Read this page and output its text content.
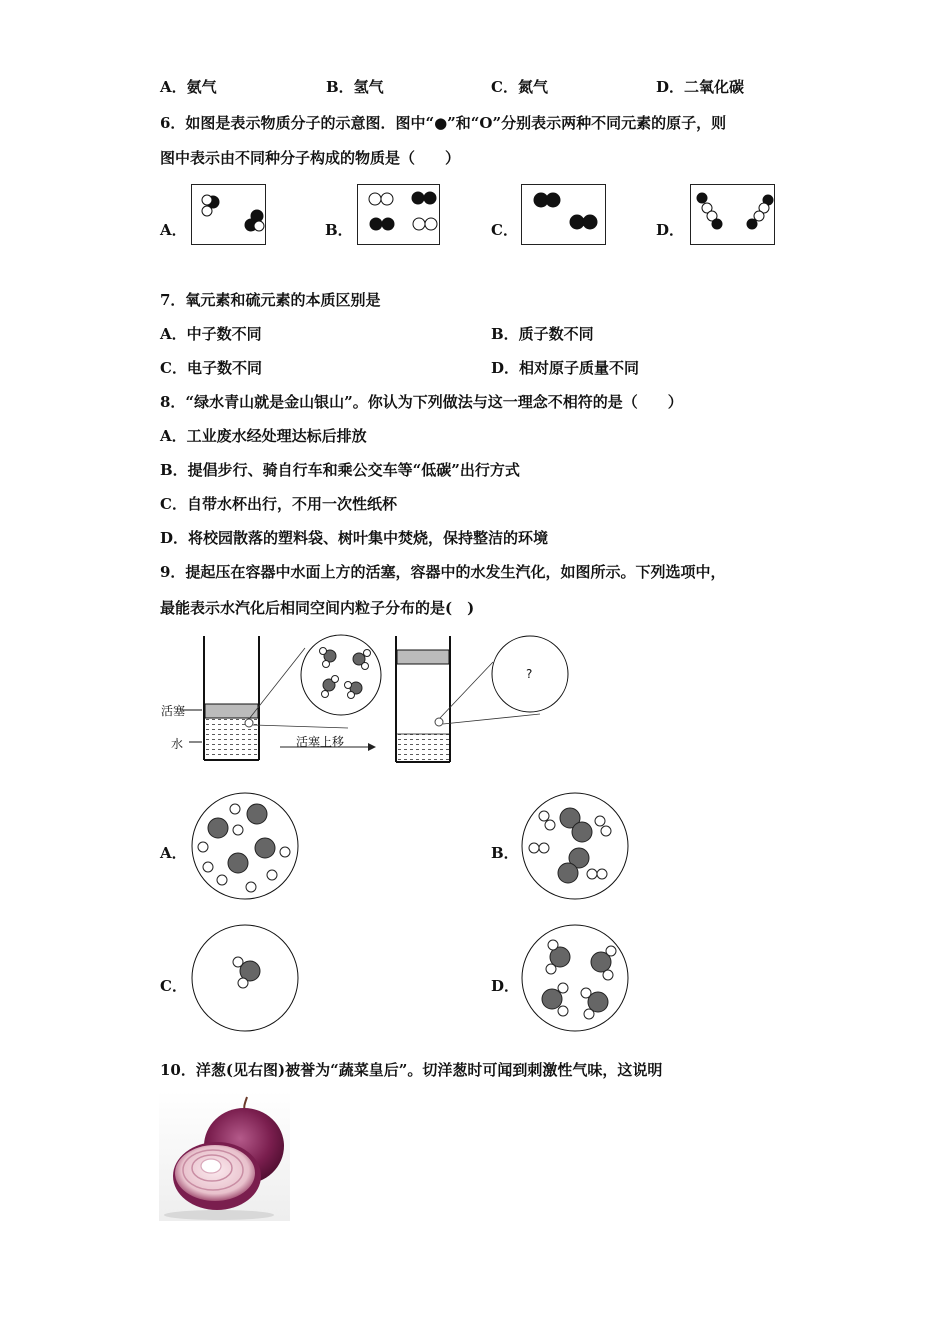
A．氨气	B．氢气	C．氮气	D．二氧化碳
6．如图是表示物质分子的示意图．图中“●”和“O”分别表示两种不同元素的原子，则
图中表示由不同种分子构成的物质是（　　）
A．	B．	C．	D．
7．氧元素和硫元素的本质区别是
A．中子数不同	B．质子数不同
C．电子数不同	D．相对原子质量不同
8．“绿水青山就是金山银山”。你认为下列做法与这一理念不相符的是（　　）
A．工业废水经处理达标后排放
B．提倡步行、骑自行车和乘公交车等“低碳”出行方式
C．自带水杯出行，不用一次性纸杯
D．将校园散落的塑料袋、树叶集中焚烧，保持整洁的环境
9．提起压在容器中水面上方的活塞，容器中的水发生汽化，如图所示。下列选项中，
最能表示水汽化后相同空间内粒子分布的是(　)
活塞
水	活塞上移
?
A．	B．
C．	D．
10．洋葱(见右图)被誉为“蔬菜皇后”。切洋葱时可闻到刺激性气味，这说明
